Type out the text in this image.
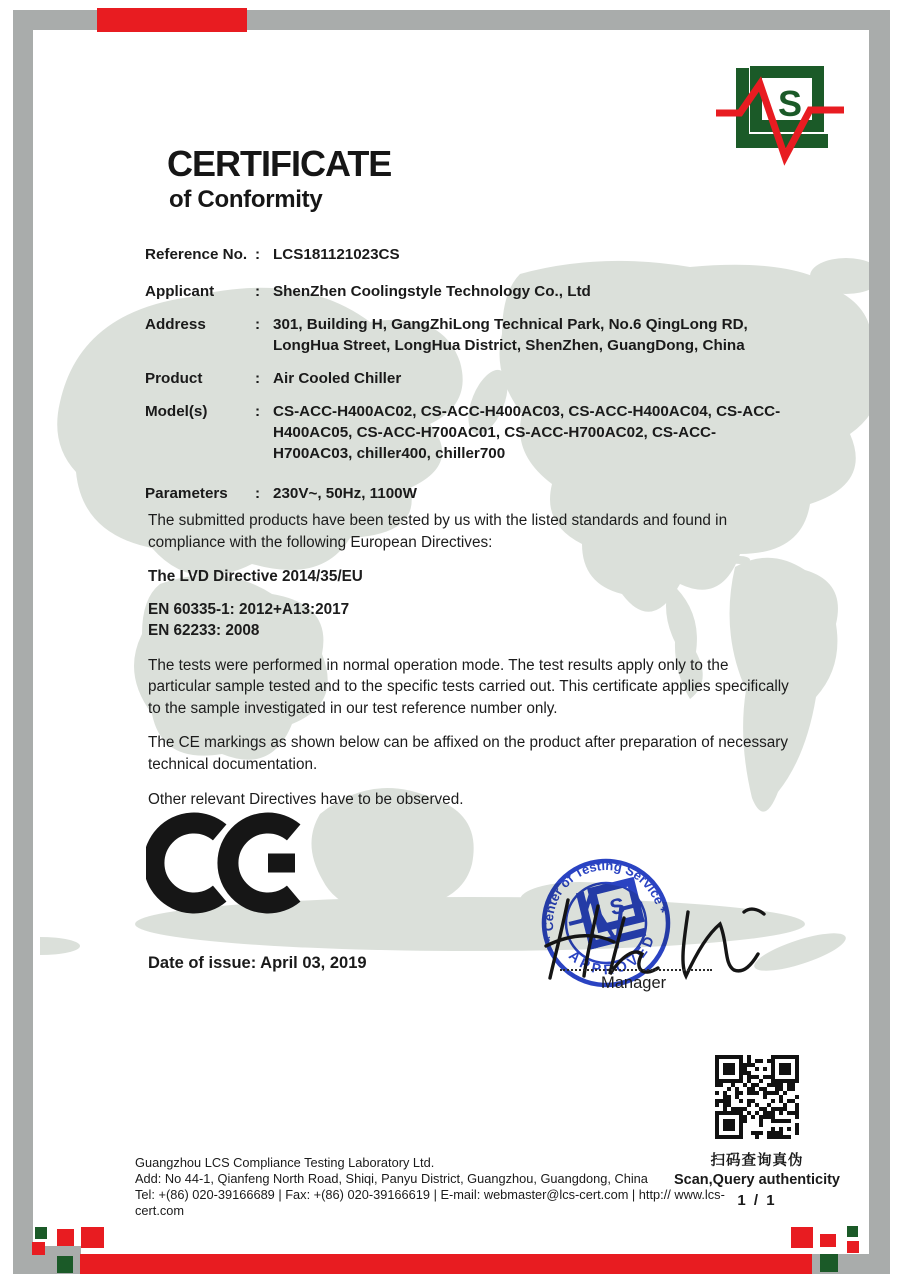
S
CERTIFICATE
of Conformity
Reference No. : LCS181121023CS
Applicant	: ShenZhen Coolingstyle Technology Co., Ltd
Address	: 301, Building H, GangZhiLong Technical Park, No.6 QingLong RD, LongHua Street, LongHua District, ShenZhen, GuangDong, China
Product	: Air Cooled Chiller
Model(s)	: CS-ACC-H400AC02, CS-ACC-H400AC03, CS-ACC-H400AC04, CS-ACC-H400AC05, CS-ACC-H700AC01, CS-ACC-H700AC02, CS-ACC-H700AC03, chiller400, chiller700
Parameters	: 230V~, 50Hz, 1100W

The submitted products have been tested by us with the listed standards and found in compliance with the following European Directives:

The LVD Directive 2014/35/EU

EN 60335-1: 2012+A13:2017
EN 62233: 2008

The tests were performed in normal operation mode. The test results apply only to the particular sample tested and to the specific tests carried out. This certificate applies specifically to the sample investigated in our test reference number only.

The CE markings as shown below can be affixed on the product after preparation of necessary technical documentation.

Other relevant Directives have to be observed.

Date of issue: April 03, 2019
Center of Testing Service
APPROVED
*
*
S
Manager
扫码查询真伪
Scan,Query authenticity
1 / 1
Guangzhou LCS Compliance Testing Laboratory Ltd.
Add: No 44-1, Qianfeng North Road, Shiqi, Panyu District, Guangzhou, Guangdong, China
Tel: +(86) 020-39166689 | Fax: +(86) 020-39166619 | E-mail: webmaster@lcs-cert.com | http:// www.lcs-cert.com
